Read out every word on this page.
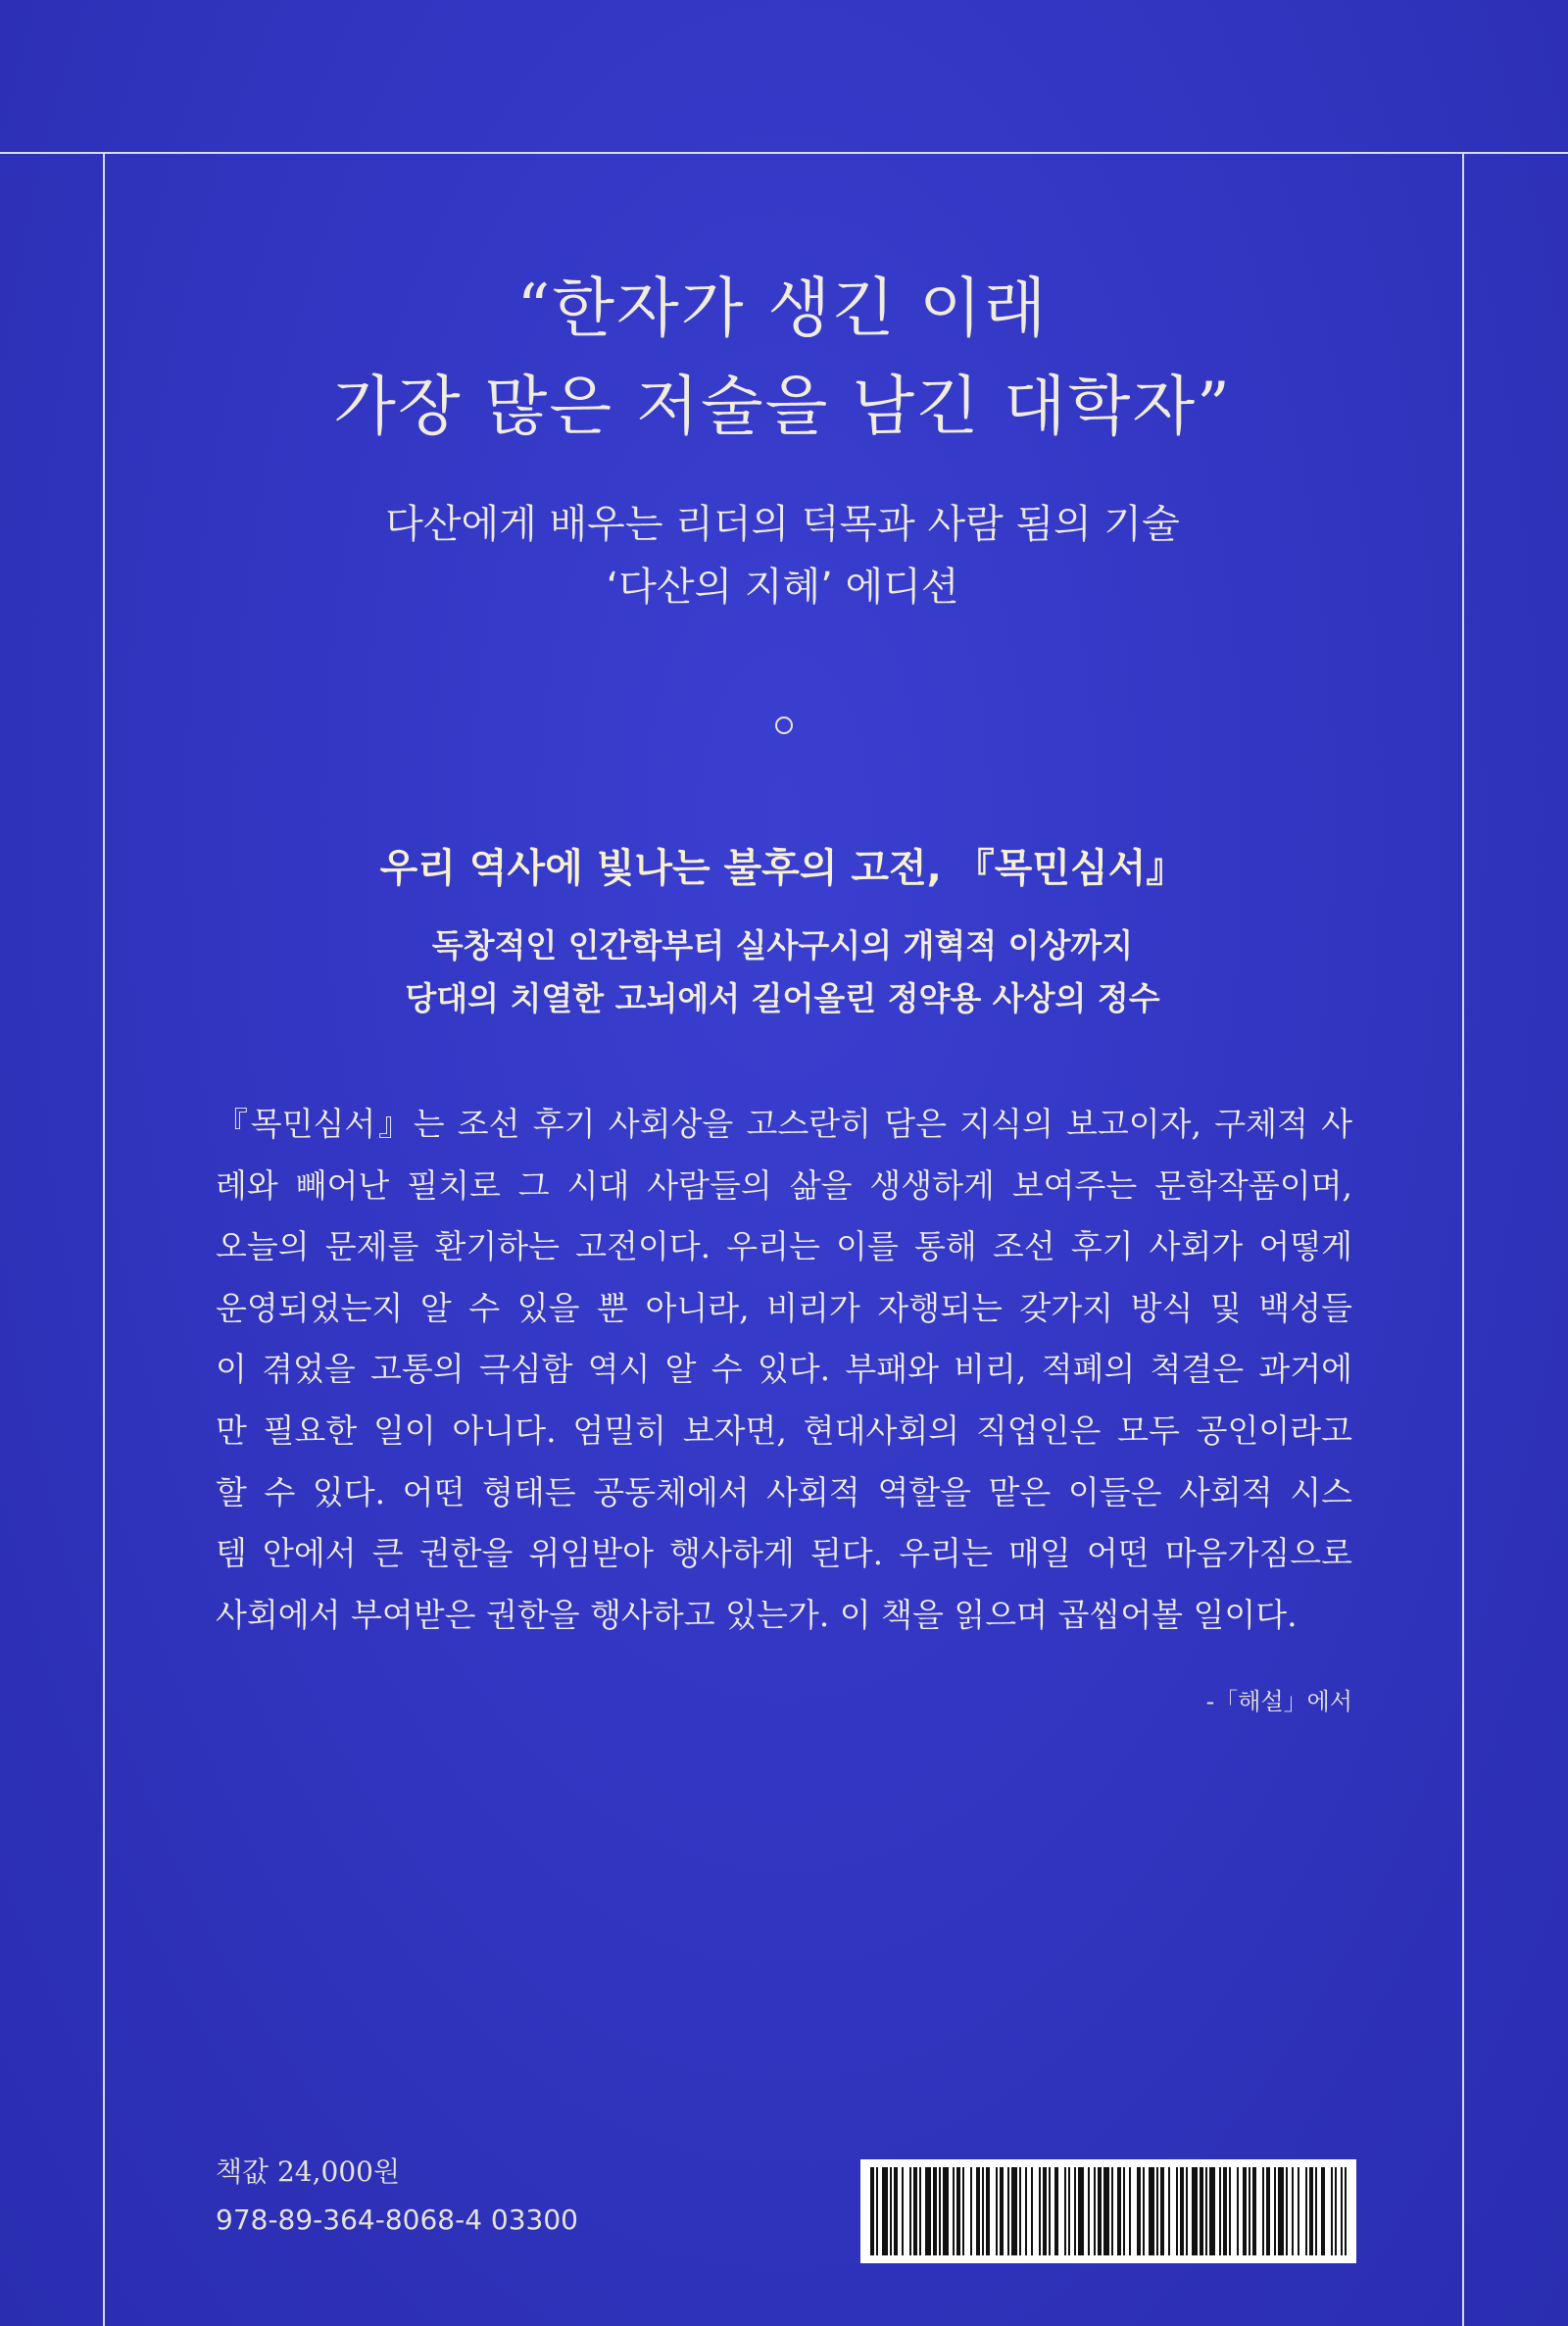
“한자가 생긴 이래
가장 많은 저술을 남긴 대학자”
다산에게 배우는 리더의 덕목과 사람 됨의 기술
‘다산의 지혜’ 에디션
우리 역사에 빛나는 불후의 고전, 『목민심서』
독창적인 인간학부터 실사구시의 개혁적 이상까지
당대의 치열한 고뇌에서 길어올린 정약용 사상의 정수
『목민심서』는 조선 후기 사회상을 고스란히 담은 지식의 보고이자, 구체적 사
례와 빼어난 필치로 그 시대 사람들의 삶을 생생하게 보여주는 문학작품이며,
오늘의 문제를 환기하는 고전이다. 우리는 이를 통해 조선 후기 사회가 어떻게
운영되었는지 알 수 있을 뿐 아니라, 비리가 자행되는 갖가지 방식 및 백성들
이 겪었을 고통의 극심함 역시 알 수 있다. 부패와 비리, 적폐의 척결은 과거에
만 필요한 일이 아니다. 엄밀히 보자면, 현대사회의 직업인은 모두 공인이라고
할 수 있다. 어떤 형태든 공동체에서 사회적 역할을 맡은 이들은 사회적 시스
템 안에서 큰 권한을 위임받아 행사하게 된다. 우리는 매일 어떤 마음가짐으로
사회에서 부여받은 권한을 행사하고 있는가. 이 책을 읽으며 곱씹어볼 일이다.
-「해설」에서
책값 24,000원
978-89-364-8068-4 03300
